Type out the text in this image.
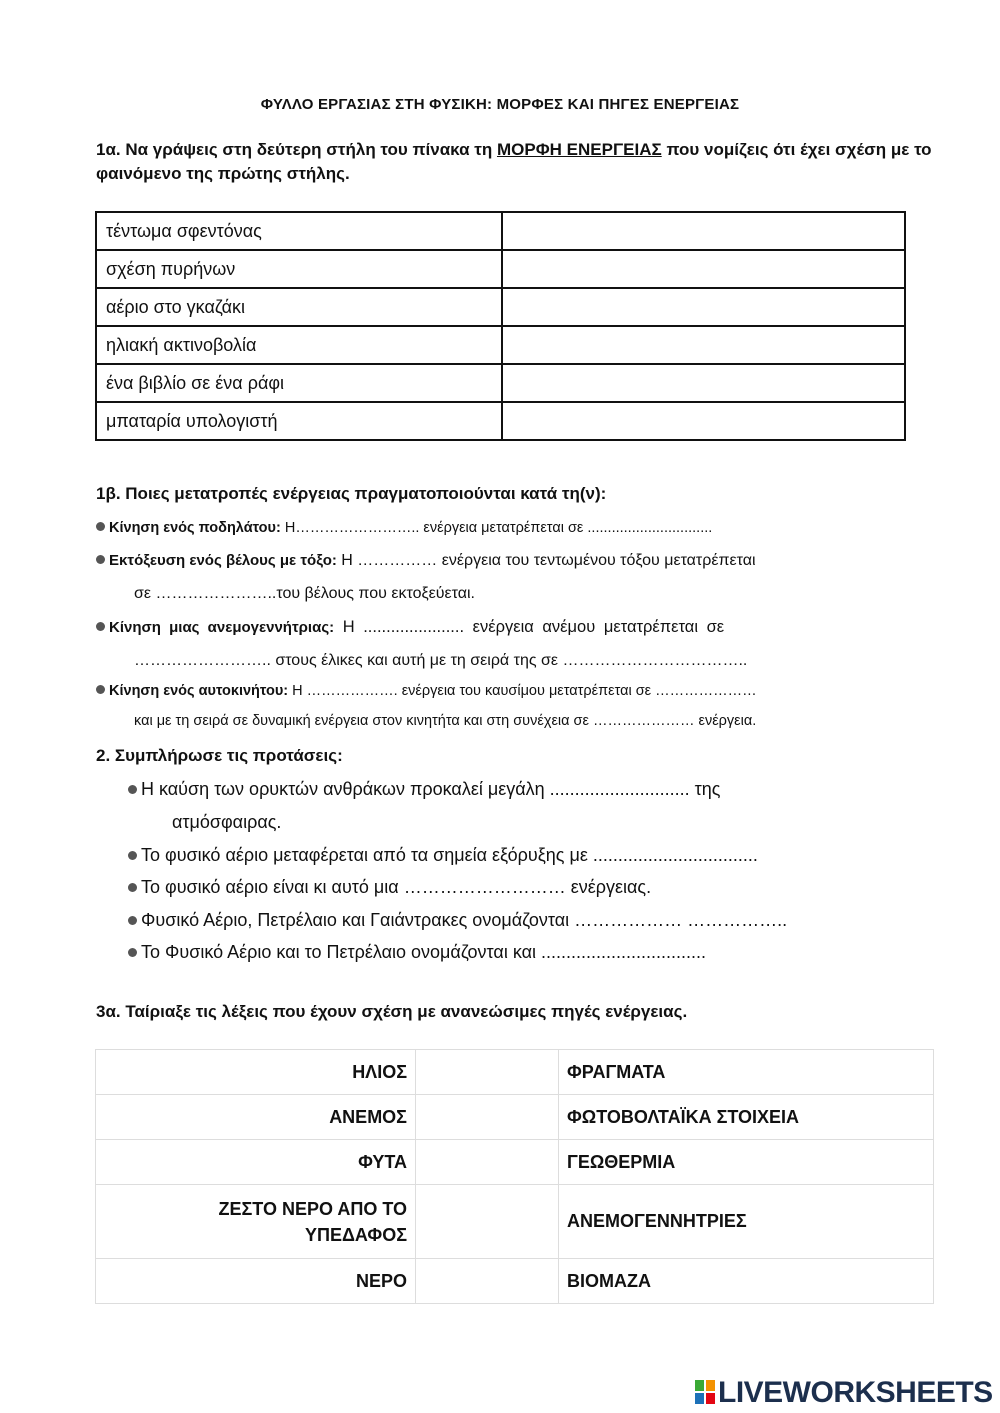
ΦΥΛΛΟ ΕΡΓΑΣΙΑΣ ΣΤΗ ΦΥΣΙΚΗ: ΜΟΡΦΕΣ ΚΑΙ ΠΗΓΕΣ ΕΝΕΡΓΕΙΑΣ
1α. Να γράψεις στη δεύτερη στήλη του πίνακα τη ΜΟΡΦΗ ΕΝΕΡΓΕΙΑΣ που νομίζεις ότι έχει σχέση με το φαινόμενο της πρώτης στήλης.
τέντωμα σφεντόνας	
σχέση πυρήνων	
αέριο στο γκαζάκι	
ηλιακή ακτινοβολία	
ένα βιβλίο σε ένα ράφι	
μπαταρία υπολογιστή	
1β. Ποιες μετατροπές ενέργειας πραγματοποιούνται κατά τη(ν):
Κίνηση ενός ποδηλάτου: Η…………………….. ενέργεια μετατρέπεται σε ...............................
Εκτόξευση ενός βέλους με τόξο: Η …………… ενέργεια του τεντωμένου τόξου μετατρέπεται
σε …………………..του βέλους που εκτοξεύεται.
Κίνηση μιας ανεμογεννήτριας: Η ...................... ενέργεια ανέμου μετατρέπεται σε
…………………….. στους έλικες και αυτή με τη σειρά της σε ……………………………..
Κίνηση ενός αυτοκινήτου: Η ………………. ενέργεια του καυσίμου μετατρέπεται σε …………………
και με τη σειρά σε δυναμική ενέργεια στον κινητήτα και στη συνέχεια σε ………………… ενέργεια.
2. Συμπλήρωσε τις προτάσεις:
Η καύση των ορυκτών ανθράκων προκαλεί μεγάλη ............................ της
ατμόσφαιρας.
Το φυσικό αέριο μεταφέρεται από τα σημεία εξόρυξης με .................................
Το φυσικό αέριο είναι κι αυτό μια ……………………… ενέργειας.
Φυσικό Αέριο, Πετρέλαιο και Γαιάντρακες ονομάζονται ……………… ……………..
Το Φυσικό Αέριο και το Πετρέλαιο ονομάζονται και .................................
3α. Ταίριαξε τις λέξεις που έχουν σχέση με ανανεώσιμες πηγές ενέργειας.
ΗΛΙΟΣ		ΦΡΑΓΜΑΤΑ
ΑΝΕΜΟΣ		ΦΩΤΟΒΟΛΤΑΪΚΑ ΣΤΟΙΧΕΙΑ
ΦΥΤΑ		ΓΕΩΘΕΡΜΙΑ
ΖΕΣΤΟ ΝΕΡΟ ΑΠΟ ΤΟ ΥΠΕΔΑΦΟΣ		ΑΝΕΜΟΓΕΝΝΗΤΡΙΕΣ
ΝΕΡΟ		ΒΙΟΜΑΖΑ
LIVEWORKSHEETS
